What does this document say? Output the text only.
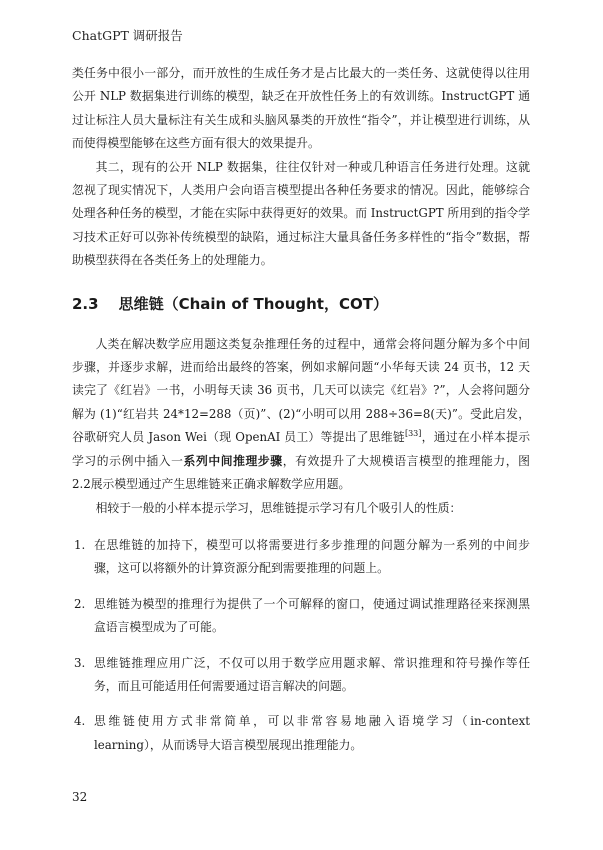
ChatGPT 调研报告

类任务中很小一部分，而开放性的生成任务才是占比最大的一类任务、这就使得以往用公开 NLP 数据集进行训练的模型，缺乏在开放性任务上的有效训练。InstructGPT 通过让标注人员大量标注有关生成和头脑风暴类的开放性“指令”，并让模型进行训练，从而使得模型能够在这些方面有很大的效果提升。

其二，现有的公开 NLP 数据集，往往仅针对一种或几种语言任务进行处理。这就忽视了现实情况下，人类用户会向语言模型提出各种任务要求的情况。因此，能够综合处理各种任务的模型，才能在实际中获得更好的效果。而 InstructGPT 所用到的指令学习技术正好可以弥补传统模型的缺陷，通过标注大量具备任务多样性的“指令”数据，帮助模型获得在各类任务上的处理能力。

2.3 思维链（Chain of Thought，COT）

人类在解决数学应用题这类复杂推理任务的过程中，通常会将问题分解为多个中间步骤，并逐步求解，进而给出最终的答案，例如求解问题“小华每天读 24 页书，12 天读完了《红岩》一书，小明每天读 36 页书，几天可以读完《红岩》?”，人会将问题分解为 (1)“红岩共 24*12=288（页)”、(2)“小明可以用 288÷36=8(天)”。受此启发，谷歌研究人员 Jason Wei（现 OpenAI 员工）等提出了思维链[33]，通过在小样本提示学习的示例中插入一系列中间推理步骤，有效提升了大规模语言模型的推理能力，图 2.2展示模型通过产生思维链来正确求解数学应用题。

相较于一般的小样本提示学习，思维链提示学习有几个吸引人的性质：

1. 在思维链的加持下，模型可以将需要进行多步推理的问题分解为一系列的中间步骤，这可以将额外的计算资源分配到需要推理的问题上。
2. 思维链为模型的推理行为提供了一个可解释的窗口，使通过调试推理路径来探测黑盒语言模型成为了可能。
3. 思维链推理应用广泛，不仅可以用于数学应用题求解、常识推理和符号操作等任务，而且可能适用任何需要通过语言解决的问题。
4. 思维链使用方式非常简单，可以非常容易地融入语境学习（in-context learning），从而诱导大语言模型展现出推理能力。
32
